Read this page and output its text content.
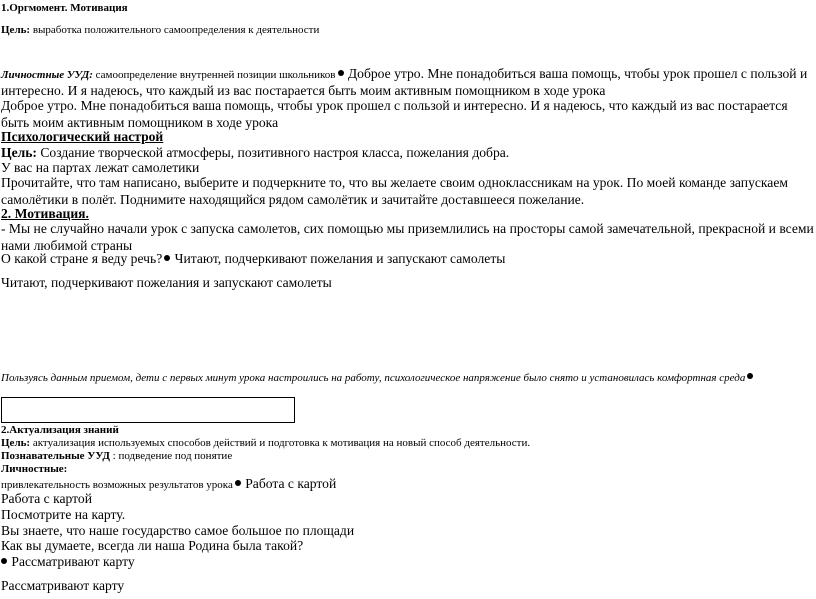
1.Оргмомент. Мотивация
Цель: выработка положительного самоопределения к деятельности
Личностные УУД: самоопределение внутренней позиции школьников Доброе утро. Мне понадобиться ваша помощь, чтобы урок прошел с пользой и интересно. И я надеюсь, что каждый из вас постарается быть моим активным помощником в ходе урока
Доброе утро. Мне понадобиться ваша помощь, чтобы урок прошел с пользой и интересно. И я надеюсь, что каждый из вас постарается быть моим активным помощником в ходе урока
Психологический настрой
Цель: Создание творческой атмосферы, позитивного настроя класса, пожелания добра.
У вас на партах лежат самолетики
Прочитайте, что там написано, выберите и подчеркните то, что вы желаете своим одноклассникам на урок. По моей команде запускаем самолётики в полёт. Поднимите находящийся рядом самолётик и зачитайте доставшееся пожелание.
2. Мотивация.
- Мы не случайно начали урок с запуска самолетов, сих помощью мы приземлились на просторы самой замечательной, прекрасной и всеми нами любимой страны
О какой стране я веду речь? Читают, подчеркивают пожелания и запускают самолеты
Читают, подчеркивают пожелания и запускают самолеты
Пользуясь данным приемом, дети с первых минут урока настроились на работу, психологическое напряжение было снято и установилась комфортная среда
2.Актуализация знаний
Цель: актуализация используемых способов действий и подготовка к мотивация на новый способ деятельности.
Познавательные УУД : подведение под понятие
Личностные:
привлекательность возможных результатов урока Работа с картой
Работа с картой
Посмотрите на карту.
Вы знаете, что наше государство самое большое по площади
Как вы думаете, всегда ли наша Родина была такой?
Рассматривают карту
Рассматривают карту
